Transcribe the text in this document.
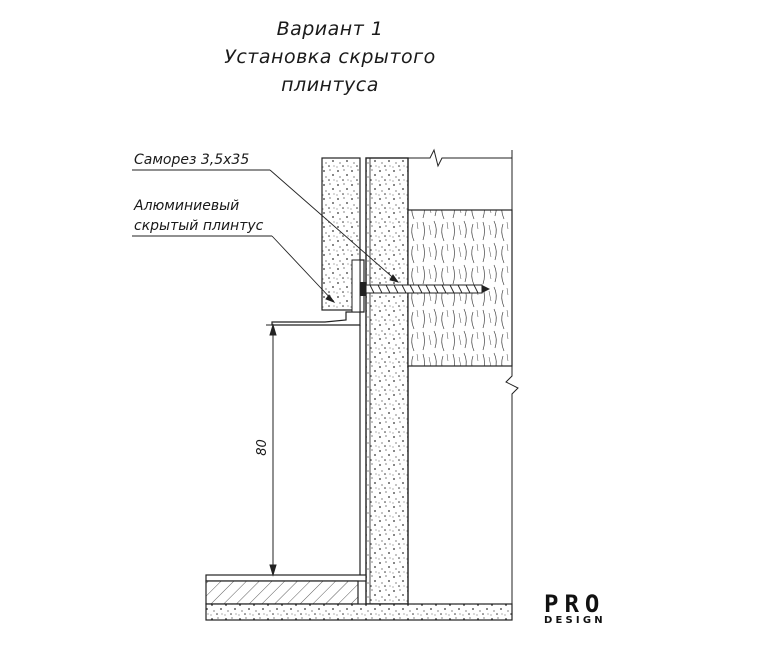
Вариант 1
Установка скрытого
плинтуса
Саморез 3,5х35
Алюминиевый
скрытый плинтус
80
PRO
DESIGN
